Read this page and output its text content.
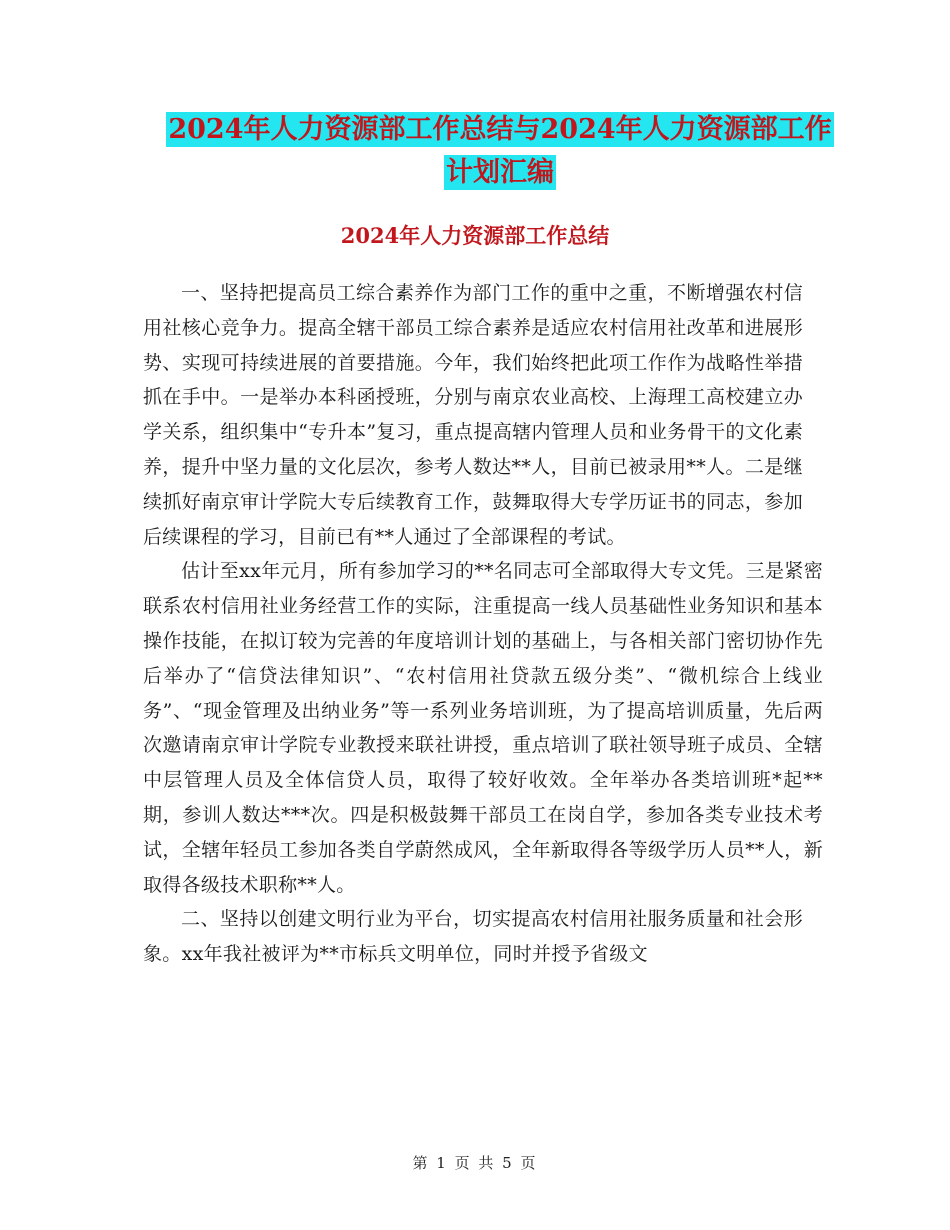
2024年人力资源部工作总结与2024年人力资源部工作
计划汇编
2024年人力资源部工作总结

一、坚持把提高员工综合素养作为部门工作的重中之重，不断增强农村信用社核心竞争力。提高全辖干部员工综合素养是适应农村信用社改革和进展形势、实现可持续进展的首要措施。今年，我们始终把此项工作作为战略性举措抓在手中。一是举办本科函授班，分别与南京农业高校、上海理工高校建立办学关系，组织集中“专升本”复习，重点提高辖内管理人员和业务骨干的文化素养，提升中坚力量的文化层次，参考人数达**人，目前已被录用**人。二是继续抓好南京审计学院大专后续教育工作，鼓舞取得大专学历证书的同志，参加后续课程的学习，目前已有**人通过了全部课程的考试。

估计至xx年元月，所有参加学习的**名同志可全部取得大专文凭。三是紧密联系农村信用社业务经营工作的实际，注重提高一线人员基础性业务知识和基本操作技能，在拟订较为完善的年度培训计划的基础上，与各相关部门密切协作先后举办了“信贷法律知识”、“农村信用社贷款五级分类”、“微机综合上线业务”、“现金管理及出纳业务”等一系列业务培训班，为了提高培训质量，先后两次邀请南京审计学院专业教授来联社讲授，重点培训了联社领导班子成员、全辖中层管理人员及全体信贷人员，取得了较好收效。全年举办各类培训班*起**期，参训人数达***次。四是积极鼓舞干部员工在岗自学，参加各类专业技术考试，全辖年轻员工参加各类自学蔚然成风，全年新取得各等级学历人员**人，新取得各级技术职称**人。

二、坚持以创建文明行业为平台，切实提高农村信用社服务质量和社会形象。xx年我社被评为**市标兵文明单位，同时并授予省级文

第 1 页 共 5 页
